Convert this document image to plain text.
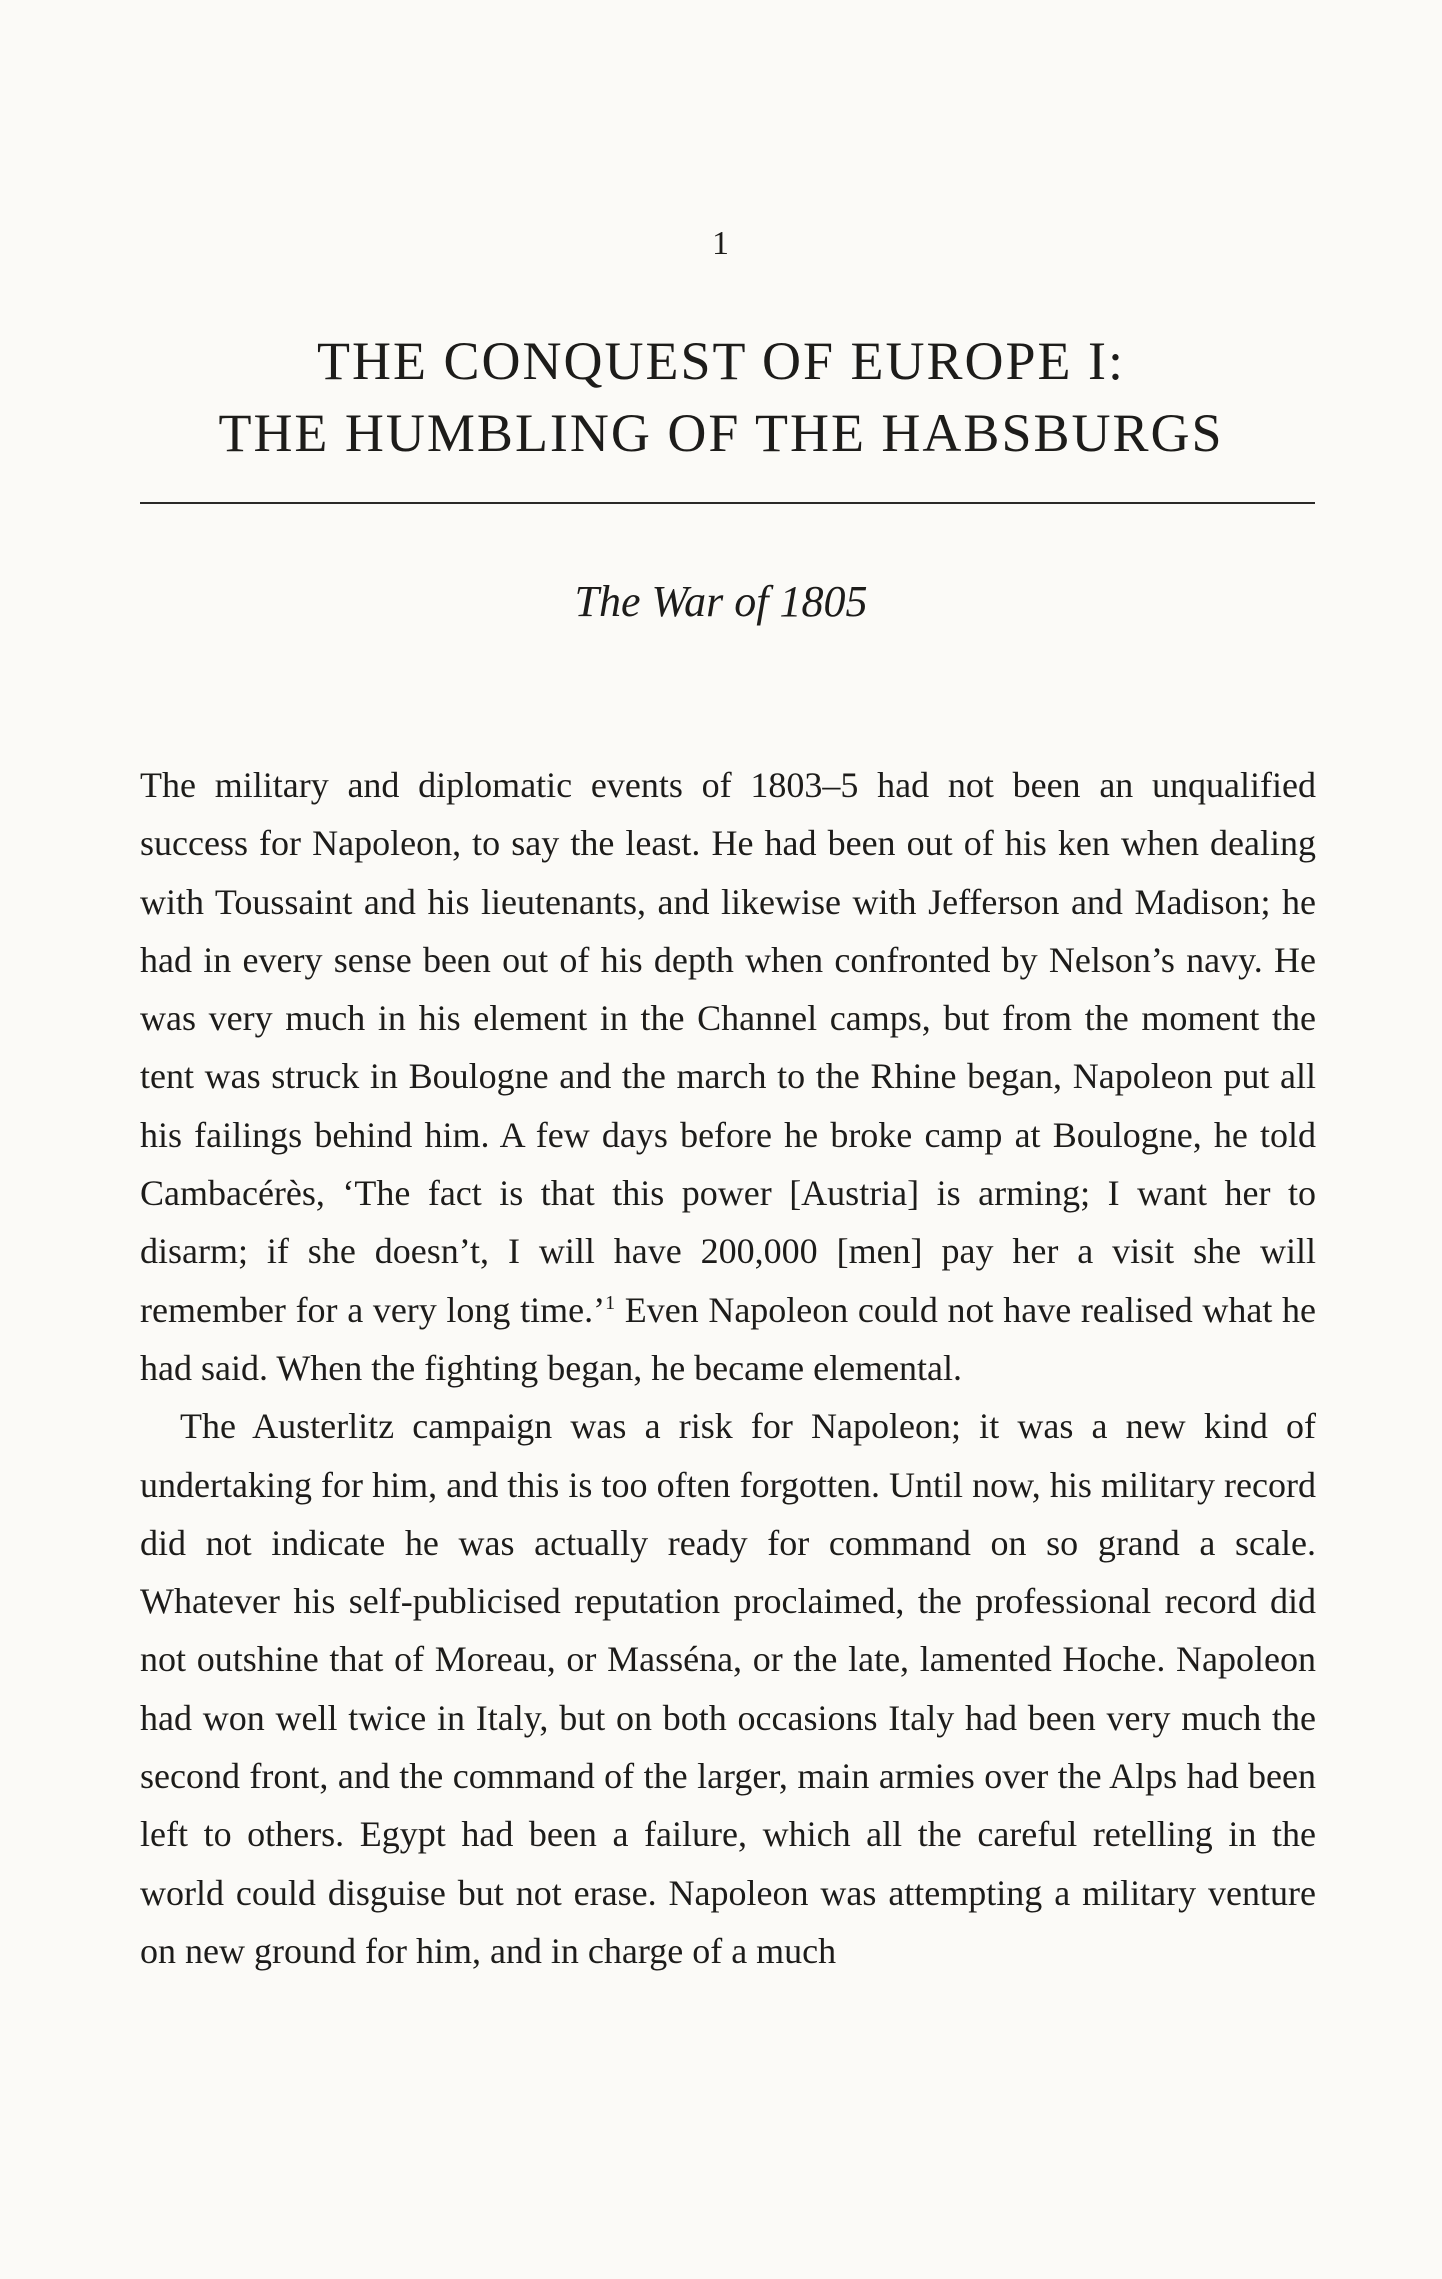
1
THE CONQUEST OF EUROPE I:
THE HUMBLING OF THE HABSBURGS
The War of 1805

The military and diplomatic events of 1803–5 had not been an unqualified success for Napoleon, to say the least. He had been out of his ken when dealing with Toussaint and his lieutenants, and likewise with Jefferson and Madison; he had in every sense been out of his depth when confronted by Nelson’s navy. He was very much in his element in the Channel camps, but from the moment the tent was struck in Boulogne and the march to the Rhine began, Napoleon put all his failings behind him. A few days before he broke camp at Boulogne, he told Cambacérès, ‘The fact is that this power [Austria] is arming; I want her to disarm; if she doesn’t, I will have 200,000 [men] pay her a visit she will remember for a very long time.’$^1$ Even Napoleon could not have realised what he had said. When the fighting began, he became elemental.

The Austerlitz campaign was a risk for Napoleon; it was a new kind of undertaking for him, and this is too often forgotten. Until now, his military record did not indicate he was actually ready for command on so grand a scale. Whatever his self-publicised reputation proclaimed, the professional record did not outshine that of Moreau, or Masséna, or the late, lamented Hoche. Napoleon had won well twice in Italy, but on both occasions Italy had been very much the second front, and the command of the larger, main armies over the Alps had been left to others. Egypt had been a failure, which all the careful retelling in the world could disguise but not erase. Napoleon was attempting a military venture on new ground for him, and in charge of a much
